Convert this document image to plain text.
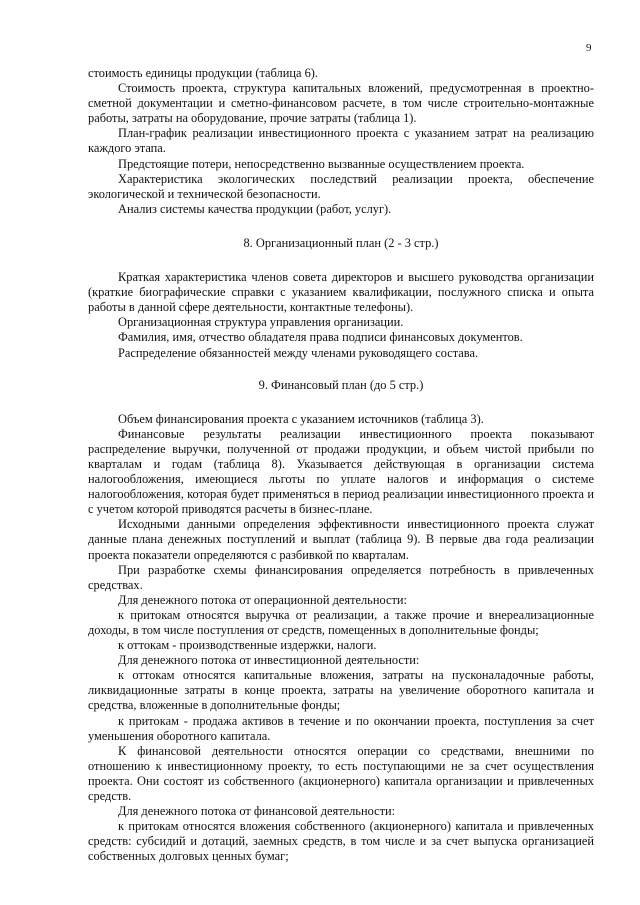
9

стоимость единицы продукции (таблица 6).

Стоимость проекта, структура капитальных вложений, предусмотренная в проектно-сметной документации и сметно-финансовом расчете, в том числе строительно-монтажные работы, затраты на оборудование, прочие затраты (таблица 1).

План-график реализации инвестиционного проекта с указанием затрат на реализацию каждого этапа.

Предстоящие потери, непосредственно вызванные осуществлением проекта.

Характеристика экологических последствий реализации проекта, обеспечение экологической и технической безопасности.

Анализ системы качества продукции (работ, услуг).

8. Организационный план (2 - 3 стр.)

Краткая характеристика членов совета директоров и высшего руководства организации (краткие биографические справки с указанием квалификации, послужного списка и опыта работы в данной сфере деятельности, контактные телефоны).

Организационная структура управления организации.

Фамилия, имя, отчество обладателя права подписи финансовых документов.

Распределение обязанностей между членами руководящего состава.

9. Финансовый план (до 5 стр.)

Объем финансирования проекта с указанием источников (таблица 3).

Финансовые результаты реализации инвестиционного проекта показывают распределение выручки, полученной от продажи продукции, и объем чистой прибыли по кварталам и годам (таблица 8). Указывается действующая в организации система налогообложения, имеющиеся льготы по уплате налогов и информация о системе налогообложения, которая будет применяться в период реализации инвестиционного проекта и с учетом которой приводятся расчеты в бизнес-плане.

Исходными данными определения эффективности инвестиционного проекта служат данные плана денежных поступлений и выплат (таблица 9). В первые два года реализации проекта показатели определяются с разбивкой по кварталам.

При разработке схемы финансирования определяется потребность в привлеченных средствах.

Для денежного потока от операционной деятельности:

к притокам относятся выручка от реализации, а также прочие и внереализационные доходы, в том числе поступления от средств, помещенных в дополнительные фонды;

к оттокам - производственные издержки, налоги.

Для денежного потока от инвестиционной деятельности:

к оттокам относятся капитальные вложения, затраты на пусконаладочные работы, ликвидационные затраты в конце проекта, затраты на увеличение оборотного капитала и средства, вложенные в дополнительные фонды;

к притокам - продажа активов в течение и по окончании проекта, поступления за счет уменьшения оборотного капитала.

К финансовой деятельности относятся операции со средствами, внешними по отношению к инвестиционному проекту, то есть поступающими не за счет осуществления проекта. Они состоят из собственного (акционерного) капитала организации и привлеченных средств.

Для денежного потока от финансовой деятельности:

к притокам относятся вложения собственного (акционерного) капитала и привлеченных средств: субсидий и дотаций, заемных средств, в том числе и за счет выпуска организацией собственных долговых ценных бумаг;
